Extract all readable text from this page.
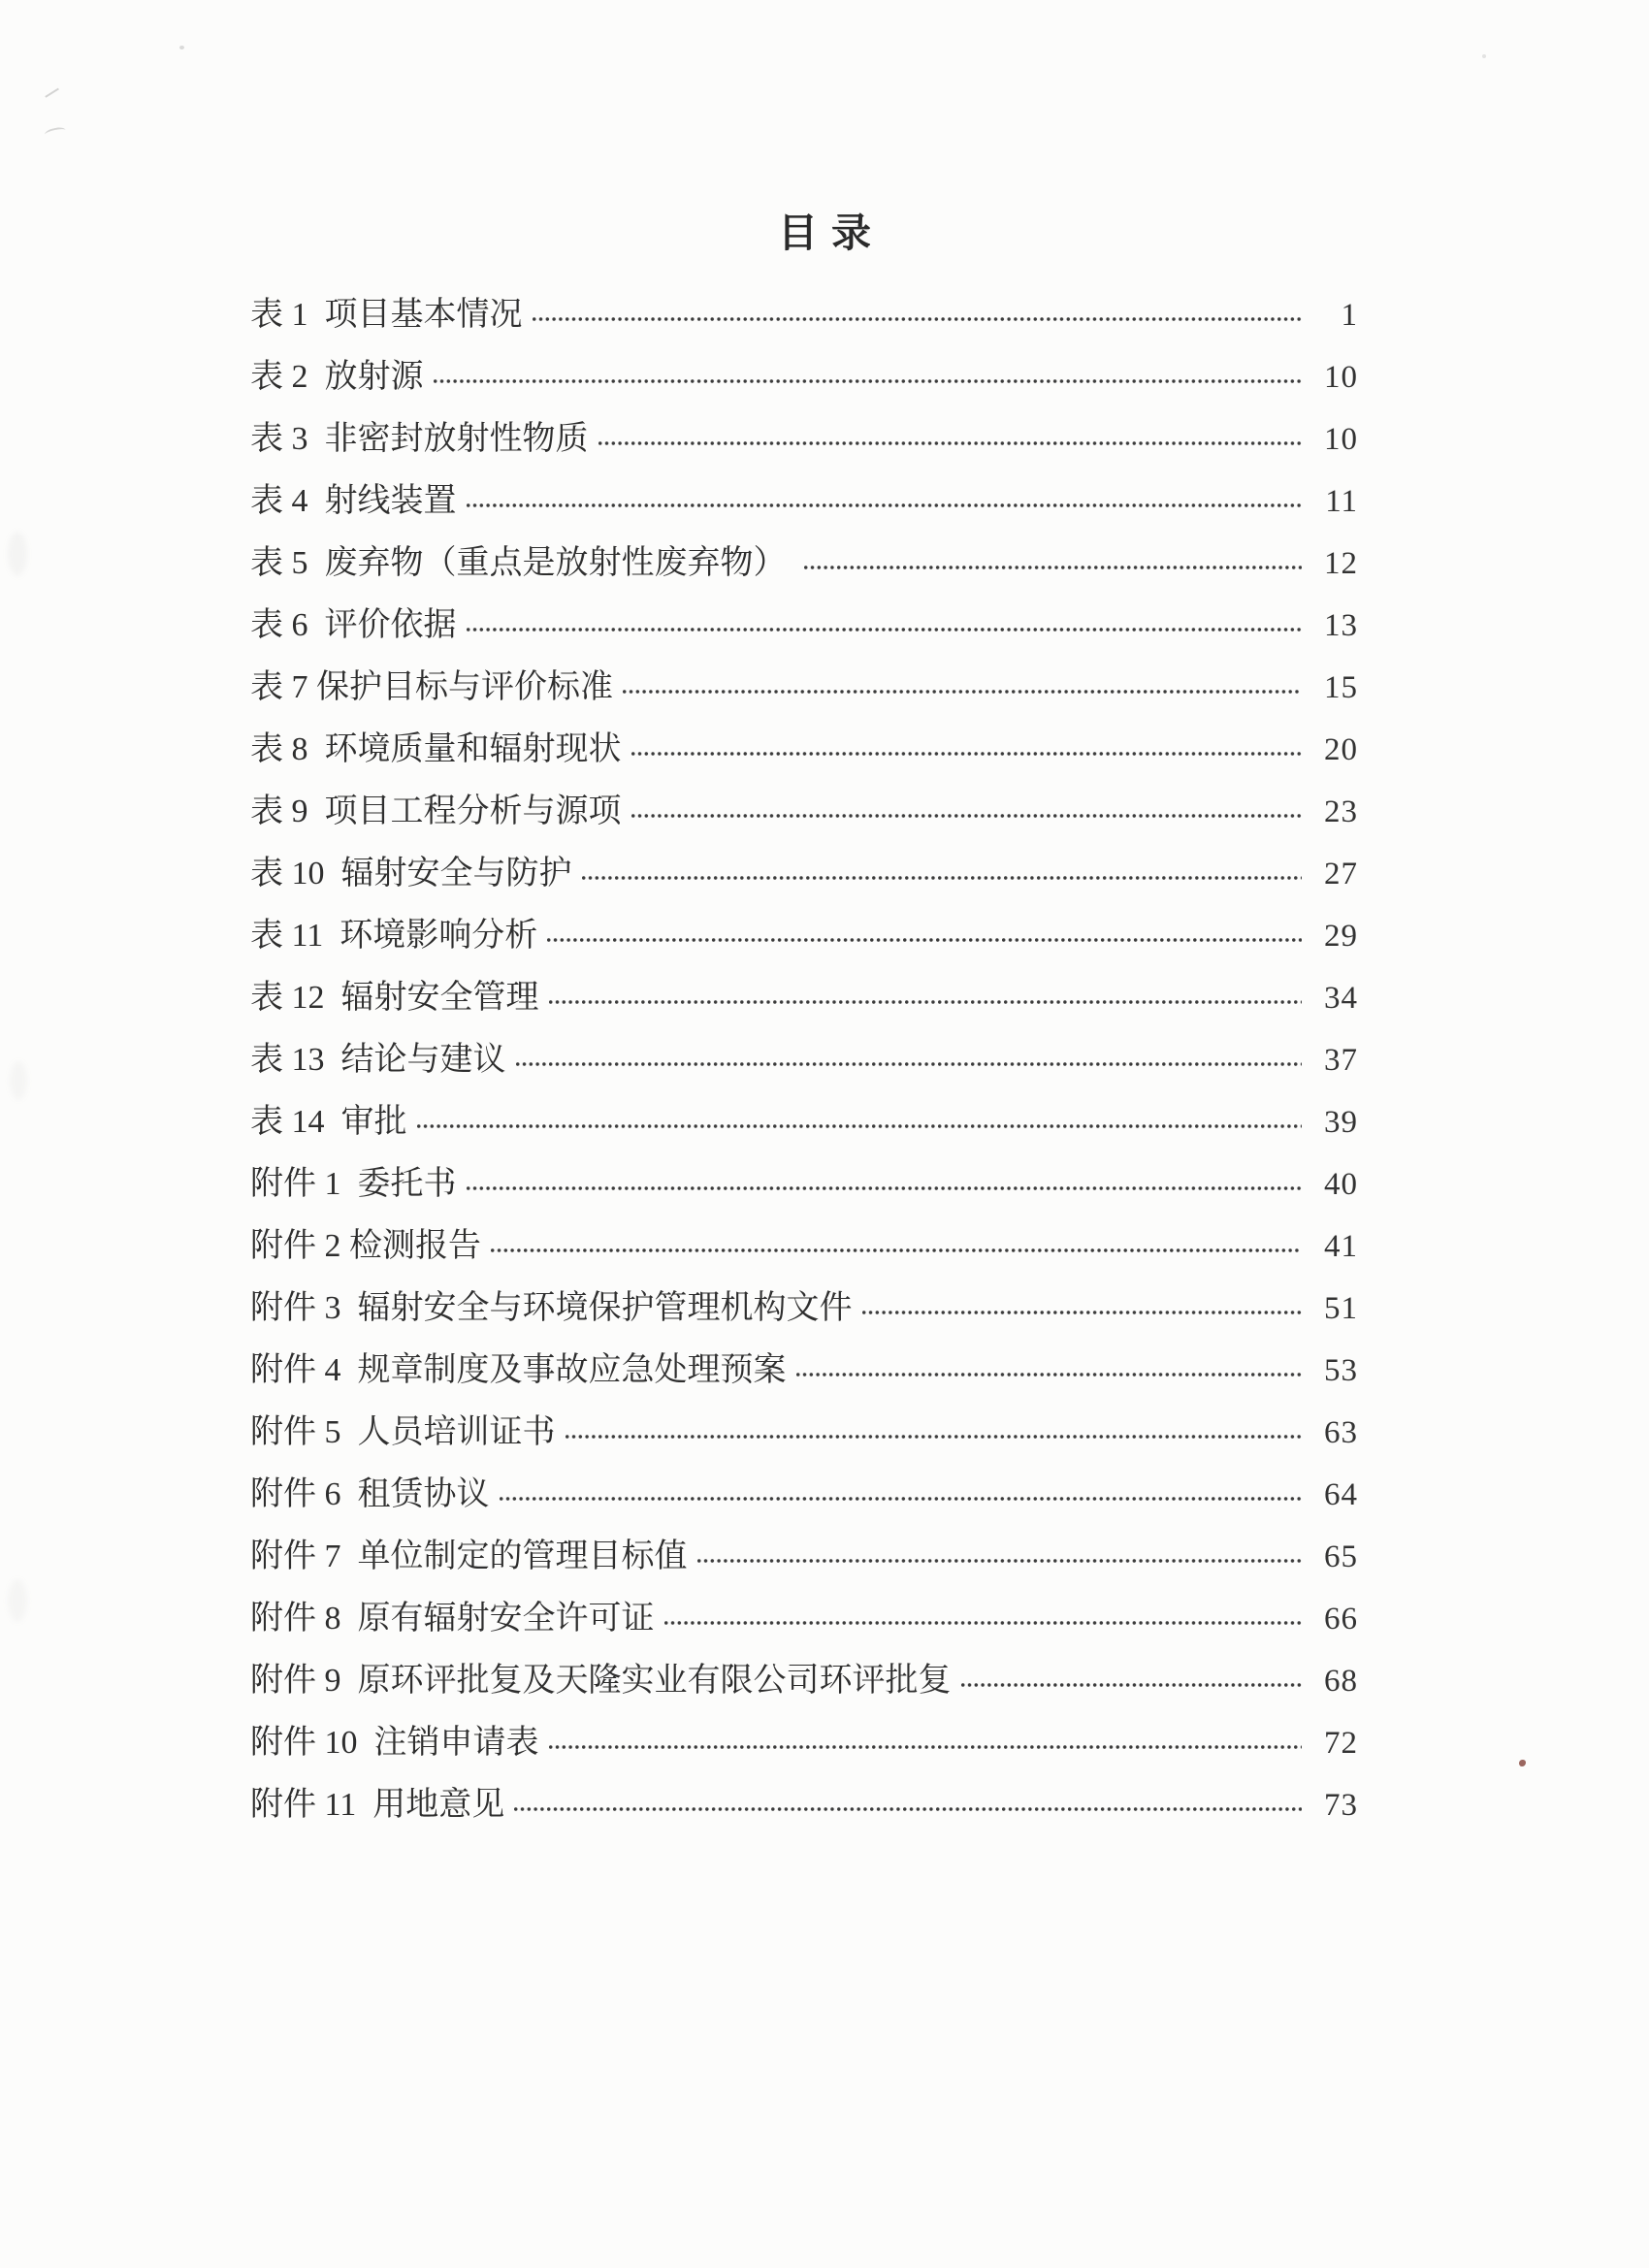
目录
表 1  项目基本情况	1
表 2  放射源	10
表 3  非密封放射性物质	10
表 4  射线装置	11
表 5  废弃物（重点是放射性废弃物）	12
表 6  评价依据	13
表 7 保护目标与评价标准	15
表 8  环境质量和辐射现状	20
表 9  项目工程分析与源项	23
表 10  辐射安全与防护	27
表 11  环境影响分析	29
表 12  辐射安全管理	34
表 13  结论与建议	37
表 14  审批	39
附件 1  委托书	40
附件 2 检测报告	41
附件 3  辐射安全与环境保护管理机构文件	51
附件 4  规章制度及事故应急处理预案	53
附件 5  人员培训证书	63
附件 6  租赁协议	64
附件 7  单位制定的管理目标值	65
附件 8  原有辐射安全许可证	66
附件 9  原环评批复及天隆实业有限公司环评批复	68
附件 10  注销申请表	72
附件 11  用地意见	73
